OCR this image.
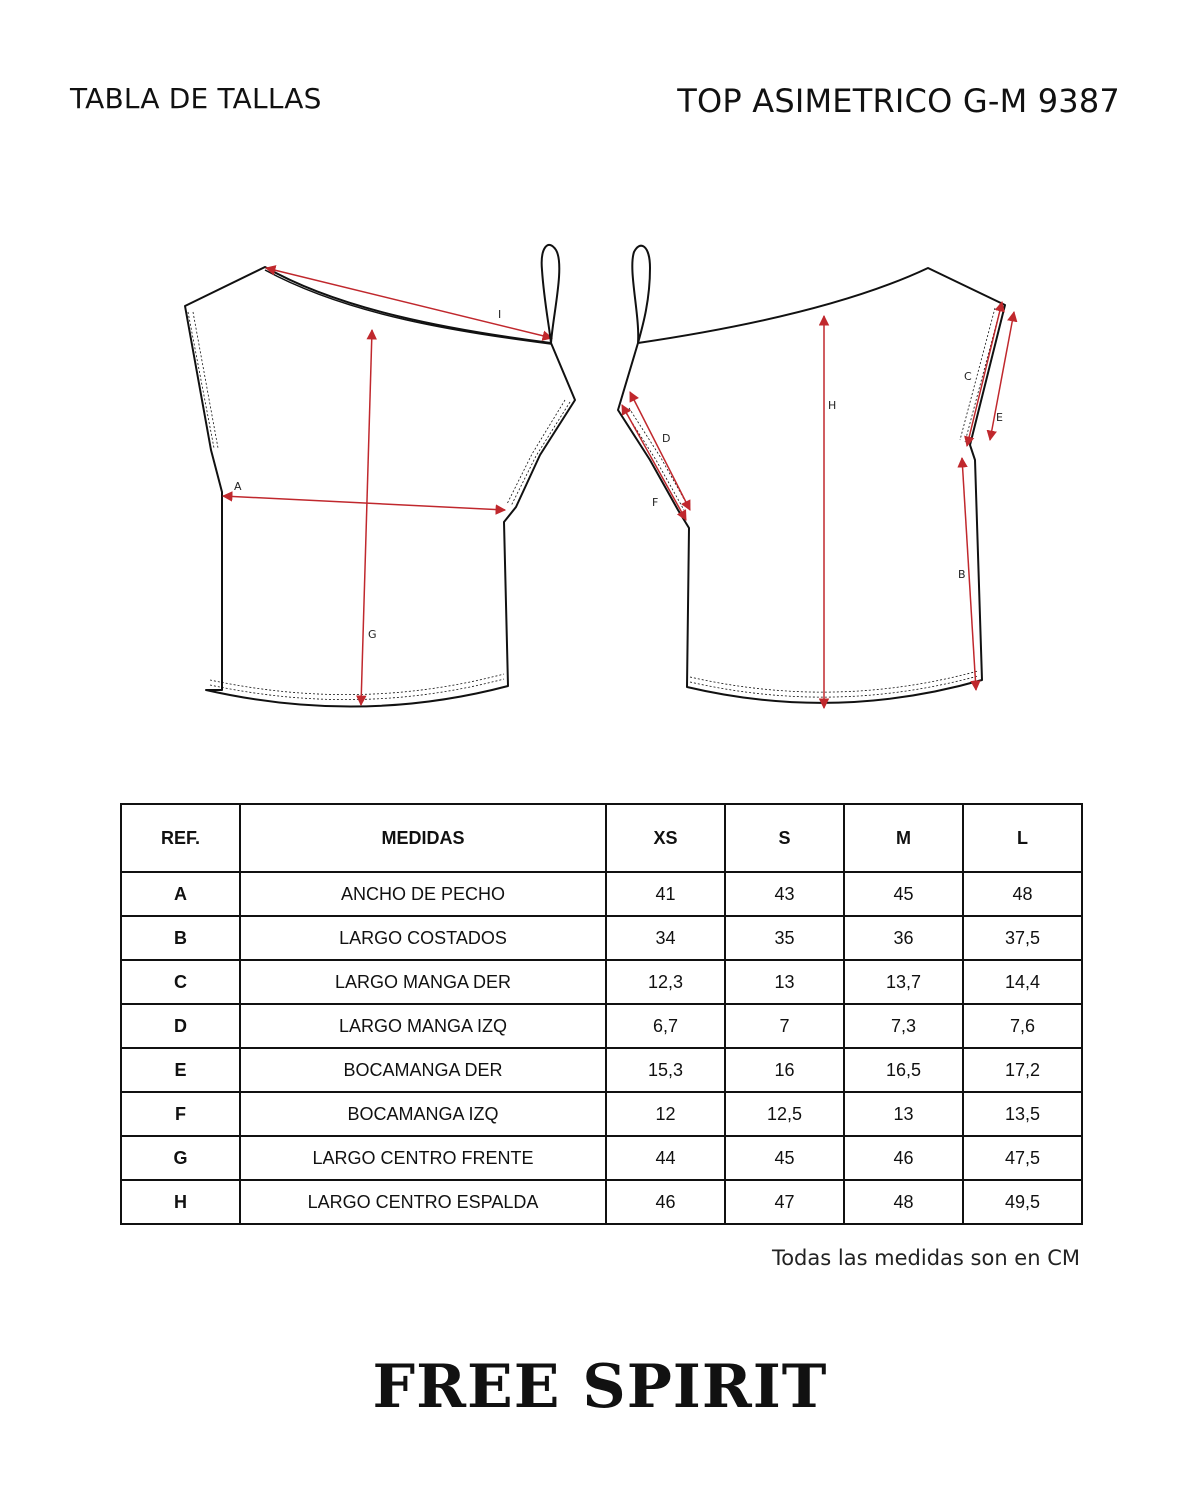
TABLA DE TALLAS	TOP ASIMETRICO G-M 9387
I
A
G
C
E
D
H
F
B
REF.	MEDIDAS	XS	S	M	L
A	ANCHO DE PECHO	41	43	45	48
B	LARGO COSTADOS	34	35	36	37,5
C	LARGO MANGA DER	12,3	13	13,7	14,4
D	LARGO MANGA IZQ	6,7	7	7,3	7,6
E	BOCAMANGA DER	15,3	16	16,5	17,2
F	BOCAMANGA IZQ	12	12,5	13	13,5
G	LARGO CENTRO FRENTE	44	45	46	47,5
H	LARGO CENTRO ESPALDA	46	47	48	49,5
Todas las medidas son en CM
FREE SPIRIT
